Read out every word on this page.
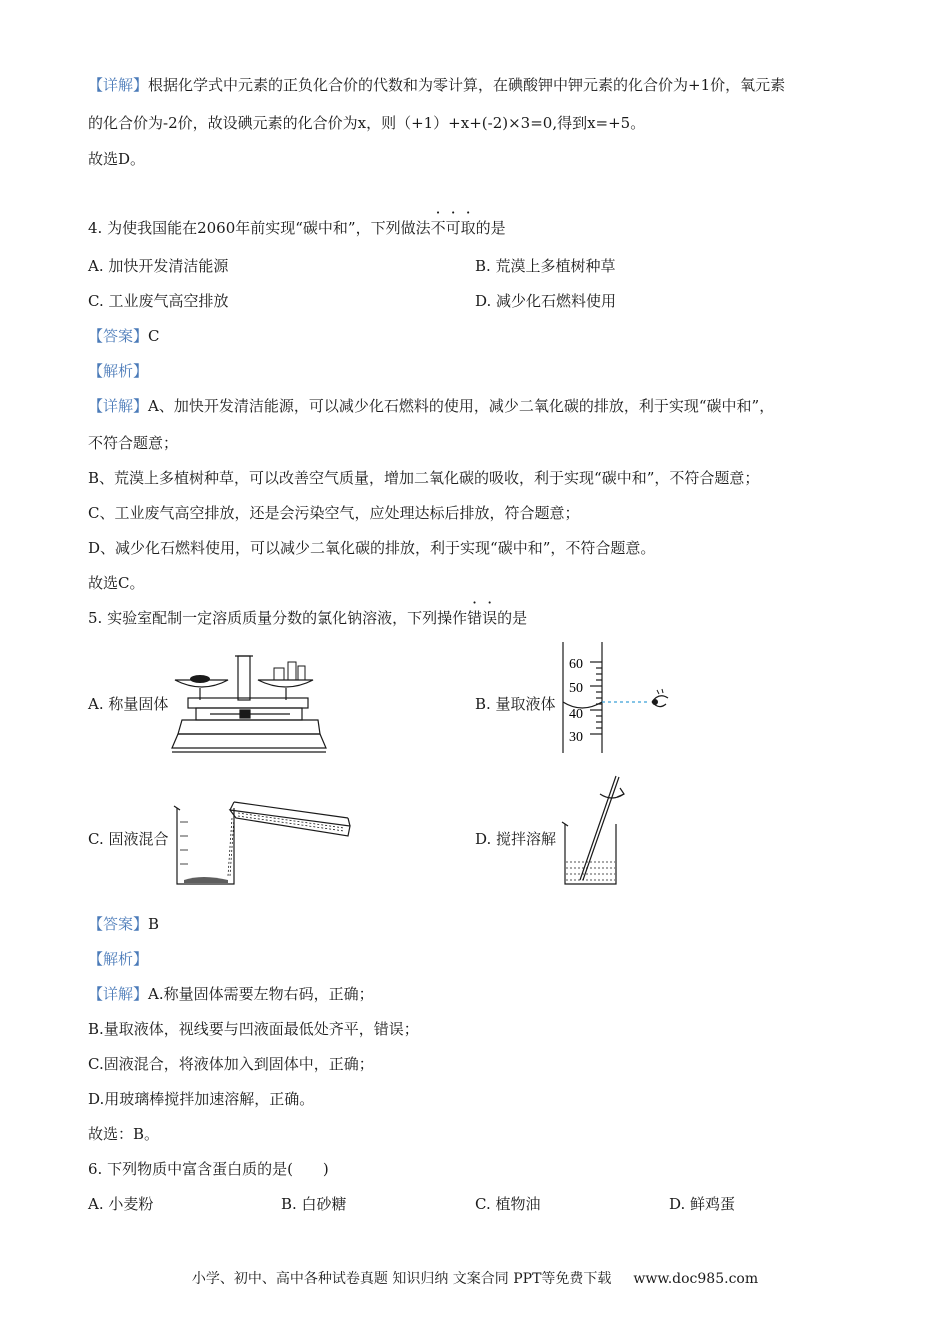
【详解】根据化学式中元素的正负化合价的代数和为零计算，在碘酸钾中钾元素的化合价为+1价，氧元素
的化合价为-2价，故设碘元素的化合价为x，则（+1）+x+(-2)×3=0,得到x=+5。
故选D。
4. 为使我国能在2060年前实现“碳中和”，下列做法不可取的是
A. 加快开发清洁能源	B. 荒漠上多植树种草
C. 工业废气高空排放	D. 减少化石燃料使用
【答案】C
【解析】
【详解】A、加快开发清洁能源，可以减少化石燃料的使用，减少二氧化碳的排放，利于实现“碳中和”，
不符合题意；
B、荒漠上多植树种草，可以改善空气质量，增加二氧化碳的吸收，利于实现“碳中和”，不符合题意；
C、工业废气高空排放，还是会污染空气，应处理达标后排放，符合题意；
D、减少化石燃料使用，可以减少二氧化碳的排放，利于实现“碳中和”，不符合题意。
故选C。
5. 实验室配制一定溶质质量分数的氯化钠溶液，下列操作错误的是
A. 称量固体	B. 量取液体
C. 固液混合	D. 搅拌溶解
60
50
40
30
【答案】B
【解析】
【详解】A.称量固体需要左物右码，正确；
B.量取液体，视线要与凹液面最低处齐平，错误；
C.固液混合，将液体加入到固体中，正确；
D.用玻璃棒搅拌加速溶解，正确。
故选：B。
6. 下列物质中富含蛋白质的是(　　)
A. 小麦粉	B. 白砂糖	C. 植物油	D. 鲜鸡蛋
小学、初中、高中各种试卷真题 知识归纳 文案合同 PPT等免费下载 www.doc985.com
